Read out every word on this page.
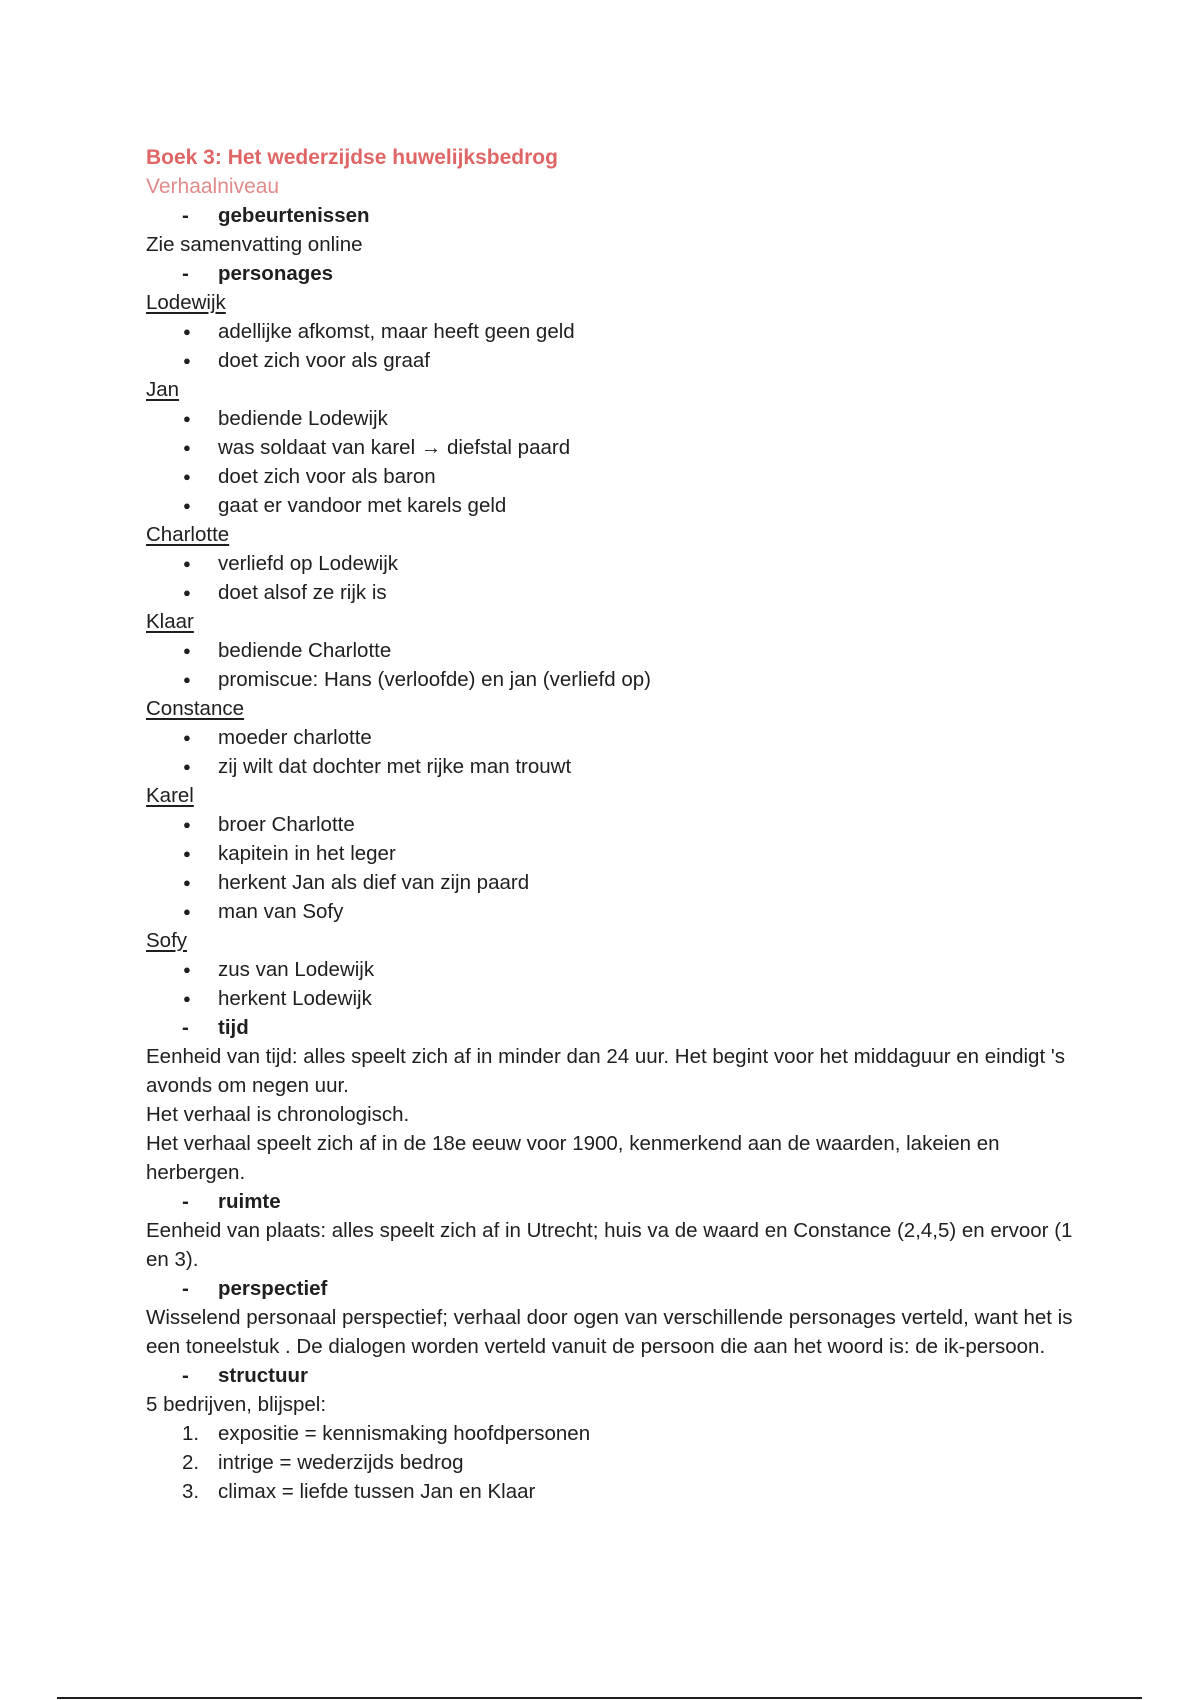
Boek 3: Het wederzijdse huwelijksbedrog
Verhaalniveau
- gebeurtenissen
Zie samenvatting online
- personages
Lodewijk
● adellijke afkomst, maar heeft geen geld
● doet zich voor als graaf
Jan
● bediende Lodewijk
● was soldaat van karel → diefstal paard
● doet zich voor als baron
● gaat er vandoor met karels geld
Charlotte
● verliefd op Lodewijk
● doet alsof ze rijk is
Klaar
● bediende Charlotte
● promiscue: Hans (verloofde) en jan (verliefd op)
Constance
● moeder charlotte
● zij wilt dat dochter met rijke man trouwt
Karel
● broer Charlotte
● kapitein in het leger
● herkent Jan als dief van zijn paard
● man van Sofy
Sofy
● zus van Lodewijk
● herkent Lodewijk
- tijd
Eenheid van tijd: alles speelt zich af in minder dan 24 uur. Het begint voor het middaguur en eindigt 's avonds om negen uur.
Het verhaal is chronologisch.
Het verhaal speelt zich af in de 18e eeuw voor 1900, kenmerkend aan de waarden, lakeien en herbergen.
- ruimte
Eenheid van plaats: alles speelt zich af in Utrecht; huis va de waard en Constance (2,4,5) en ervoor (1 en 3).
- perspectief
Wisselend personaal perspectief; verhaal door ogen van verschillende personages verteld, want het is een toneelstuk . De dialogen worden verteld vanuit de persoon die aan het woord is: de ik-persoon.
- structuur
5 bedrijven, blijspel:
1. expositie = kennismaking hoofdpersonen
2. intrige = wederzijds bedrog
3. climax = liefde tussen Jan en Klaar
